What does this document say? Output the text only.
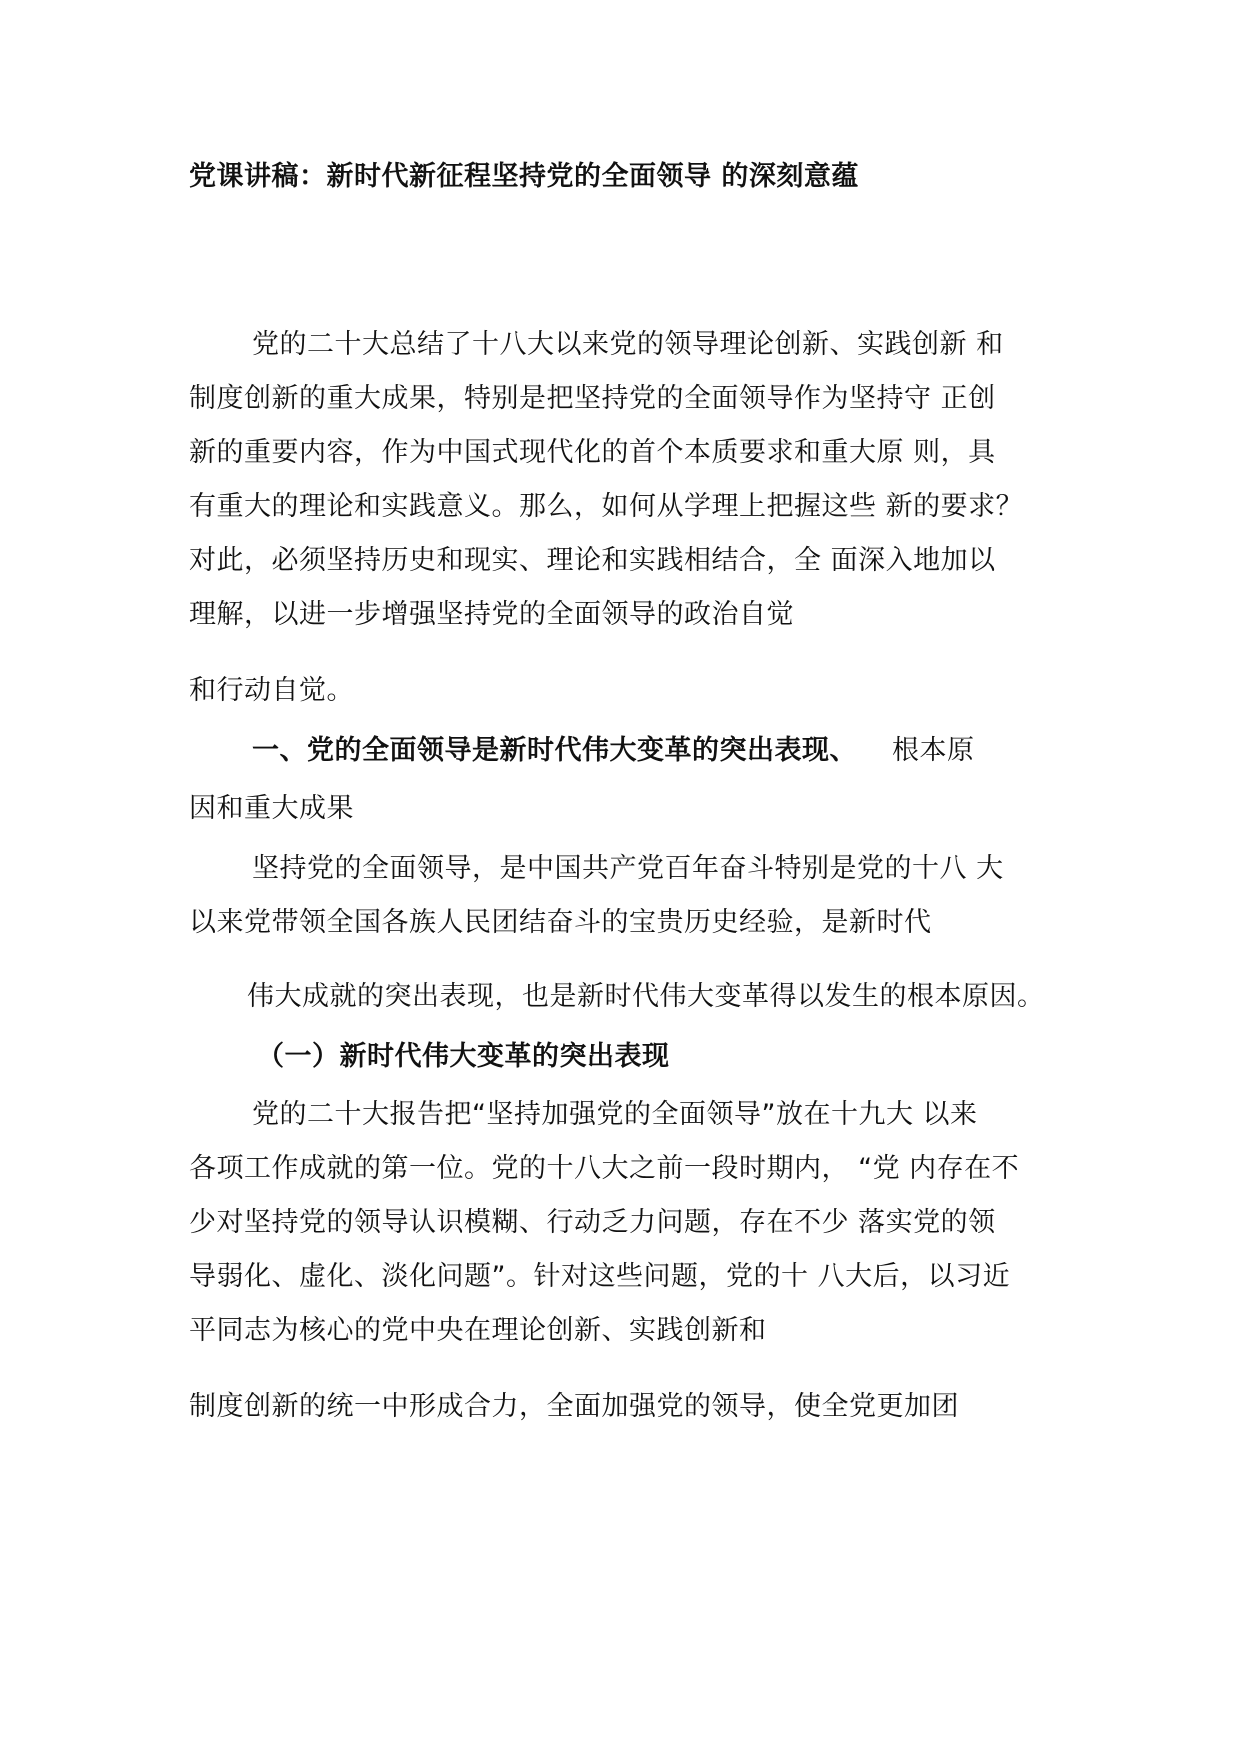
党课讲稿：新时代新征程坚持党的全面领导 的深刻意蕴
党的二十大总结了十八大以来党的领导理论创新、实践创新 和
制度创新的重大成果，特别是把坚持党的全面领导作为坚持守 正创
新的重要内容，作为中国式现代化的首个本质要求和重大原 则，具
有重大的理论和实践意义。那么，如何从学理上把握这些 新的要求？
对此，必须坚持历史和现实、理论和实践相结合，全 面深入地加以
理解，以进一步增强坚持党的全面领导的政治自觉
和行动自觉。
一、党的全面领导是新时代伟大变革的突出表现、 根本原
因和重大成果
坚持党的全面领导，是中国共产党百年奋斗特别是党的十八 大
以来党带领全国各族人民团结奋斗的宝贵历史经验，是新时代
伟大成就的突出表现，也是新时代伟大变革得以发生的根本原因。
（一）新时代伟大变革的突出表现
党的二十大报告把“坚持加强党的全面领导”放在十九大 以来
各项工作成就的第一位。党的十八大之前一段时期内， “党 内存在不
少对坚持党的领导认识模糊、行动乏力问题，存在不少 落实党的领
导弱化、虚化、淡化问题”。针对这些问题，党的十 八大后，以习近
平同志为核心的党中央在理论创新、实践创新和
制度创新的统一中形成合力，全面加强党的领导，使全党更加团
